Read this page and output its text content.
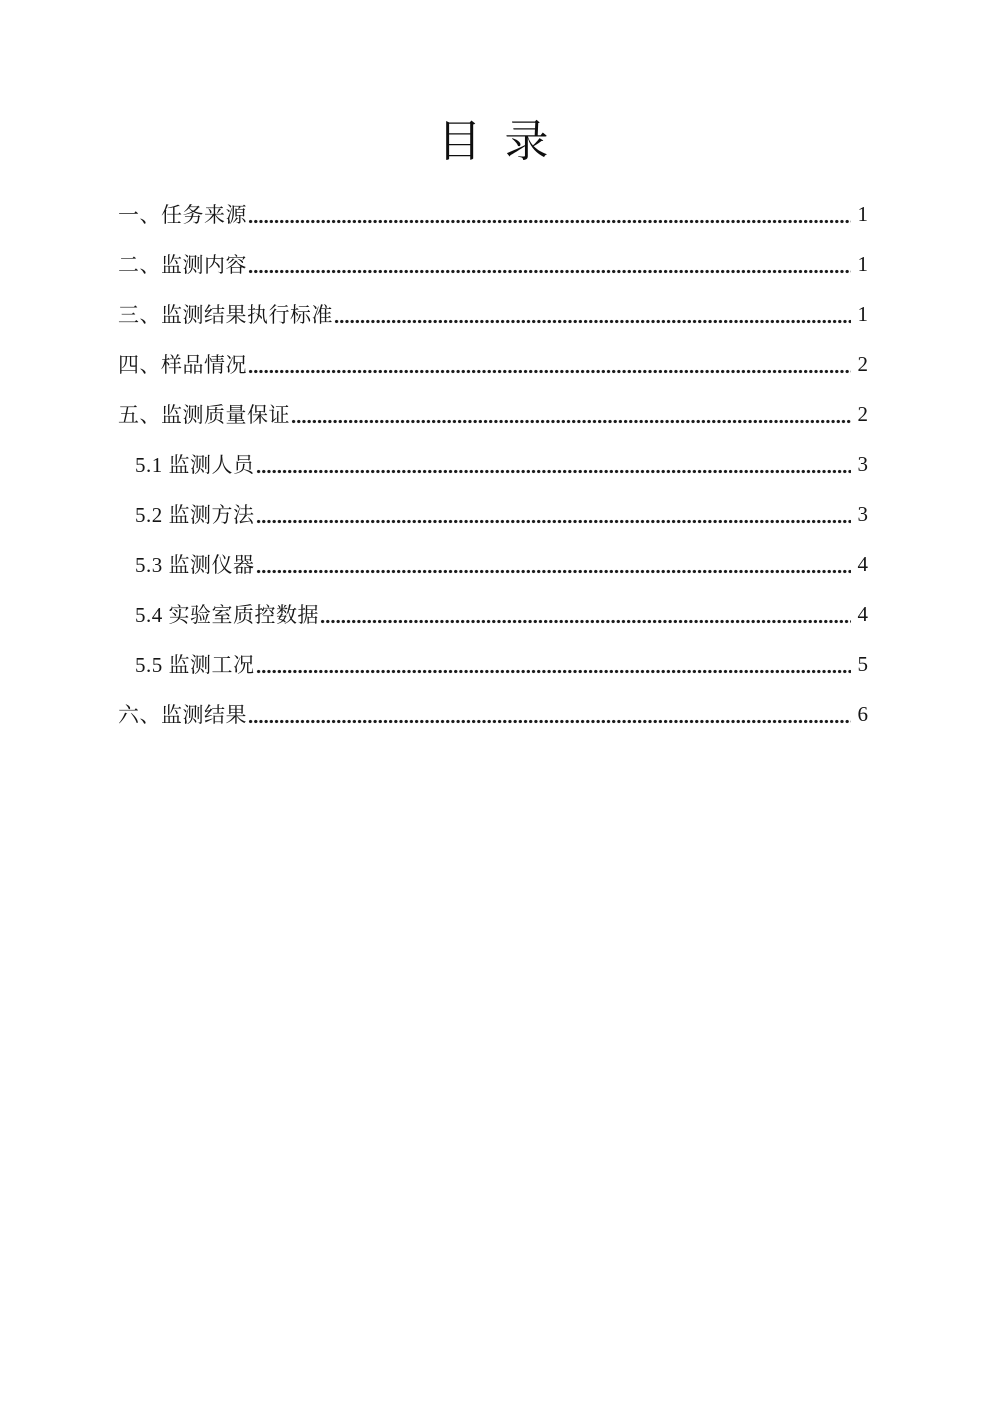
目 录
一、任务来源	1
二、监测内容	1
三、监测结果执行标准	1
四、样品情况	2
五、监测质量保证	2
5.1 监测人员	3
5.2 监测方法	3
5.3 监测仪器	4
5.4 实验室质控数据	4
5.5 监测工况	5
六、监测结果	6
